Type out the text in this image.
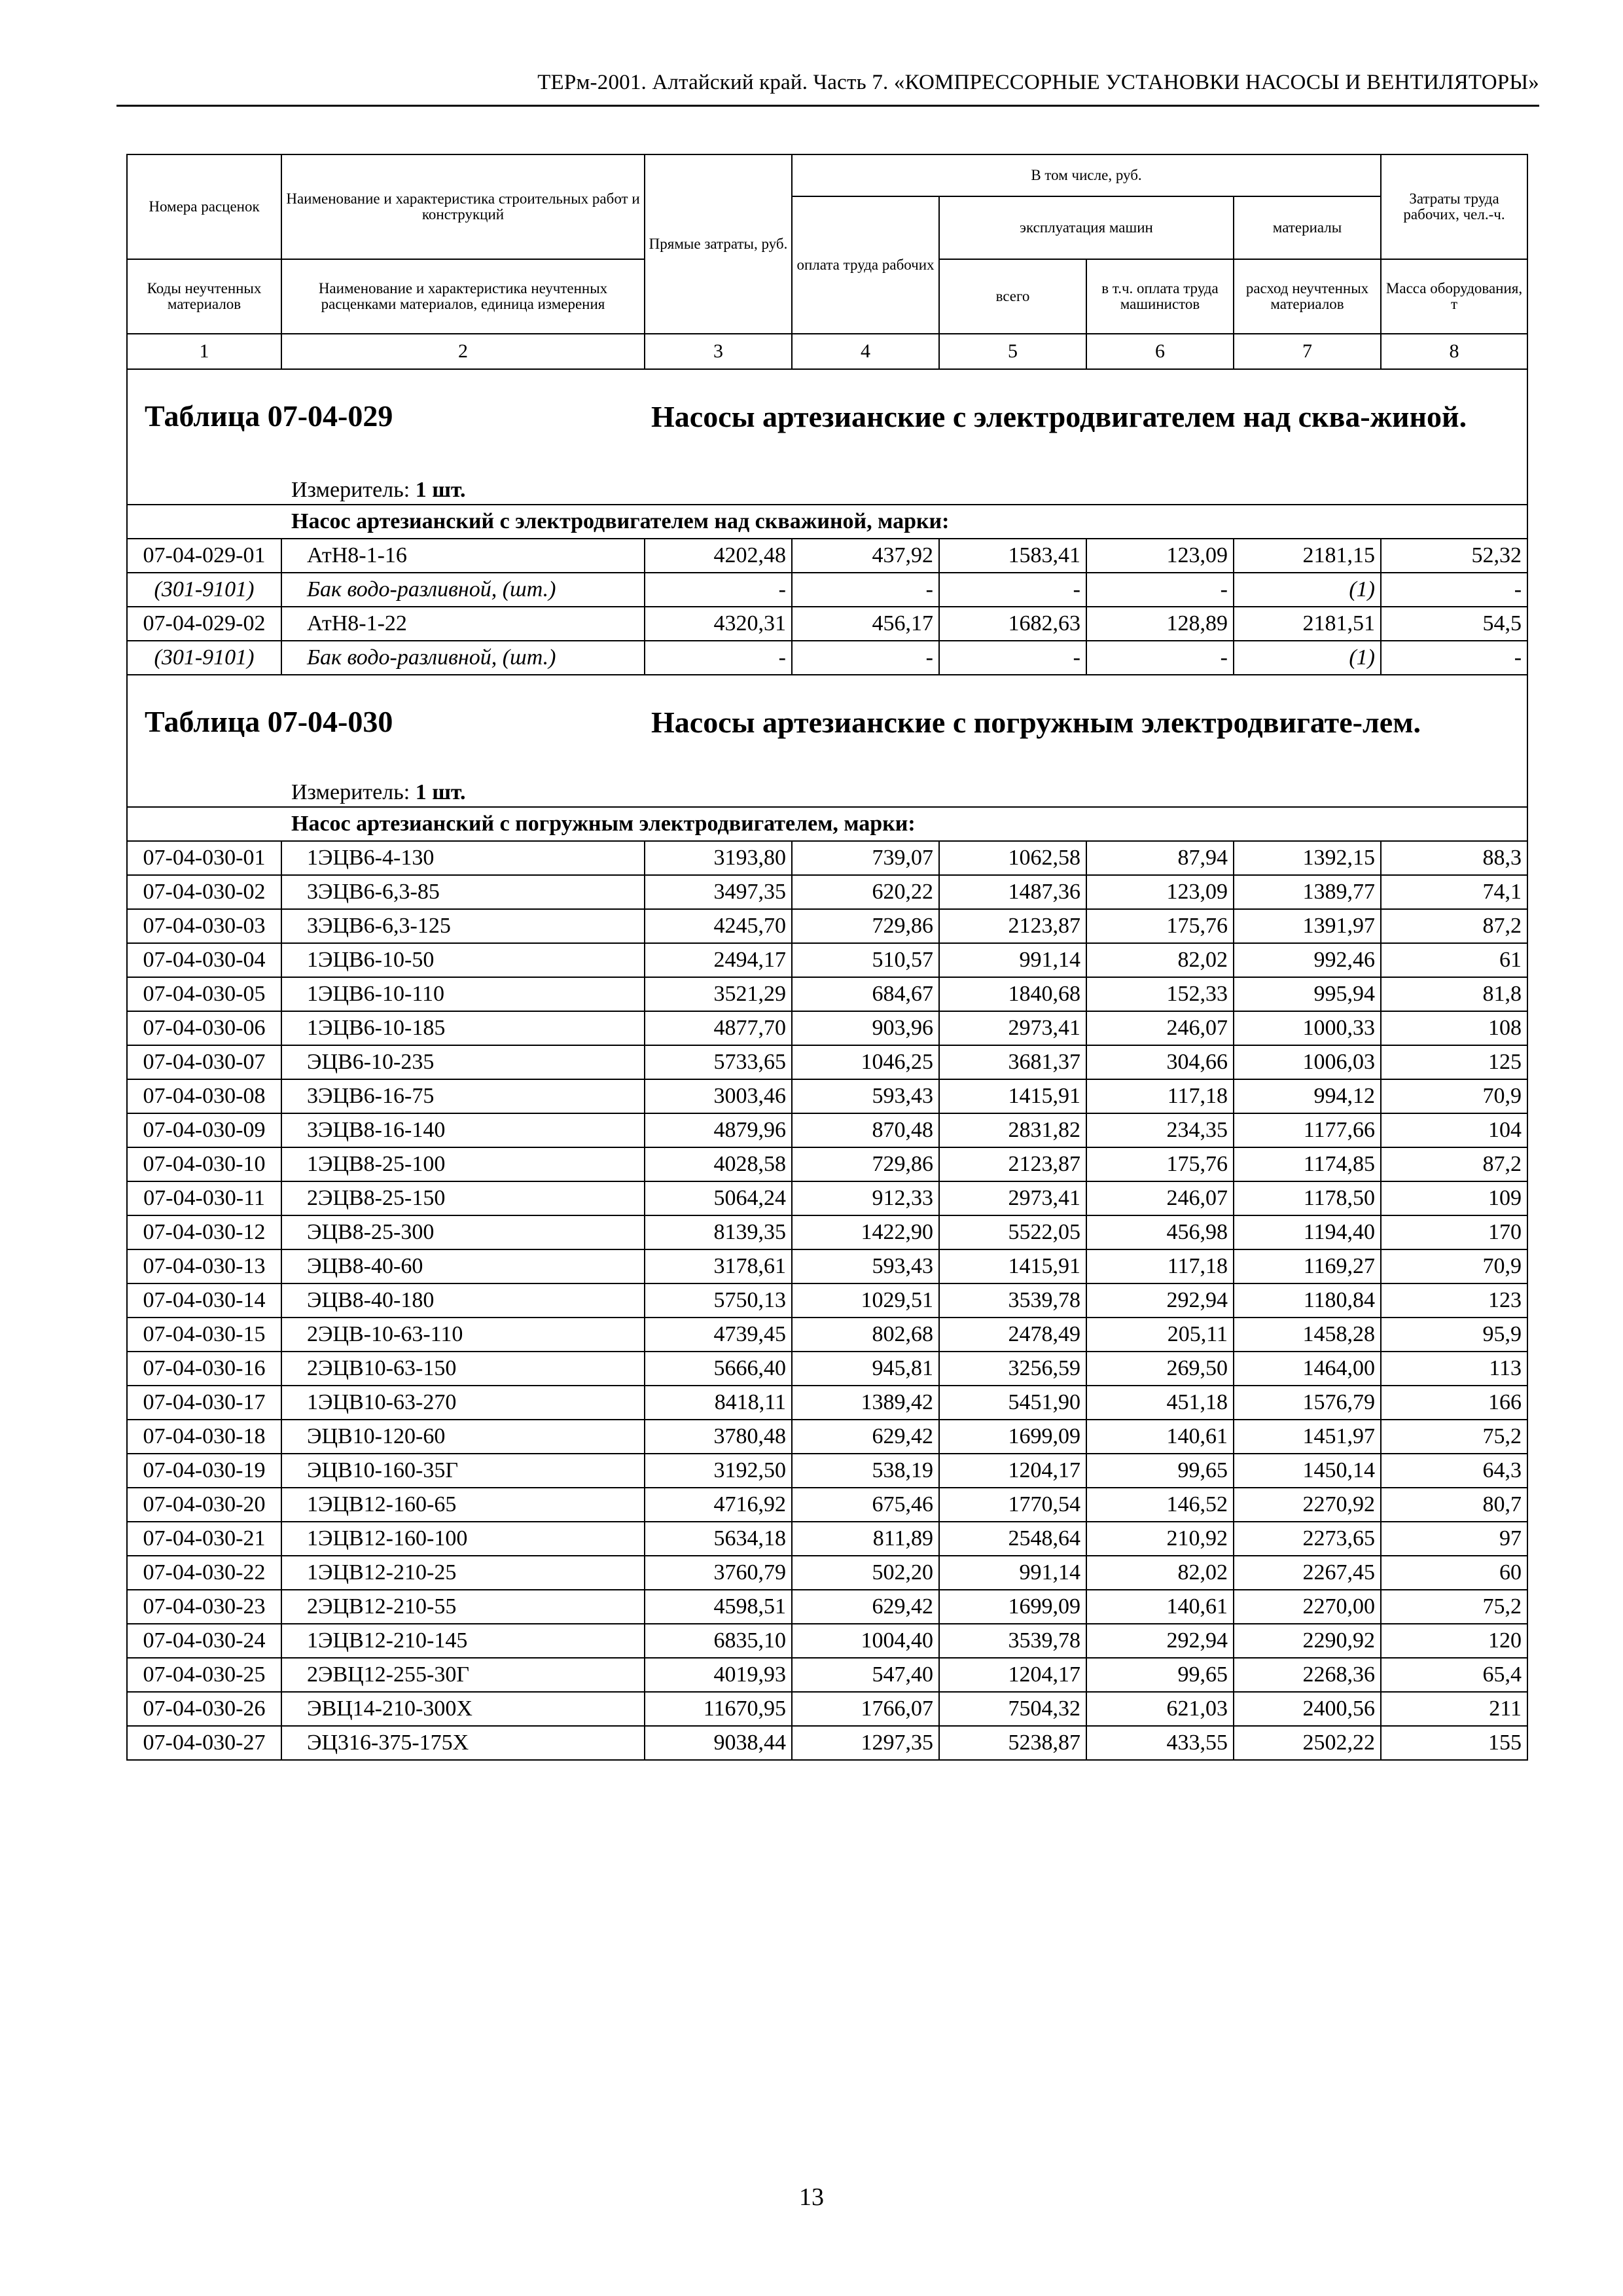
ТЕРм-2001. Алтайский край. Часть 7. «КОМПРЕССОРНЫЕ УСТАНОВКИ НАСОСЫ И ВЕНТИЛЯТОРЫ»
Номера расценок	Наименование и характеристика строительных работ и конструкций	Прямые затраты, руб.	В том числе, руб.				Затраты труда рабочих, чел.-ч.
			оплата труда рабочих	эксплуатация машин		материалы	
Коды неучтенных материалов	Наименование и характеристика неучтенных расценками материалов, единица измерения			всего	в т.ч. оплата труда машинистов	расход неучтенных материалов	Масса оборудования, т
1	2	3	4	5	6	7	8

Таблица 07-04-029 Насосы артезианские с электродвигателем над сква-жиной.
Измеритель: 1 шт.							

Насос артезианский с электродвигателем над скважиной, марки:							
07-04-029-01	АтН8-1-16	4202,48	437,92	1583,41	123,09	2181,15	52,32
(301-9101)	Бак водо-разливной, (шт.)	-	-	-	-	(1)	-
07-04-029-02	АтН8-1-22	4320,31	456,17	1682,63	128,89	2181,51	54,5
(301-9101)	Бак водо-разливной, (шт.)	-	-	-	-	(1)	-

Таблица 07-04-030 Насосы артезианские с погружным электродвигате-лем.
Измеритель: 1 шт.							

Насос артезианский с погружным электродвигателем, марки:							
07-04-030-01	1ЭЦВ6-4-130	3193,80	739,07	1062,58	87,94	1392,15	88,3
07-04-030-02	3ЭЦВ6-6,3-85	3497,35	620,22	1487,36	123,09	1389,77	74,1
07-04-030-03	3ЭЦВ6-6,3-125	4245,70	729,86	2123,87	175,76	1391,97	87,2
07-04-030-04	1ЭЦВ6-10-50	2494,17	510,57	991,14	82,02	992,46	61
07-04-030-05	1ЭЦВ6-10-110	3521,29	684,67	1840,68	152,33	995,94	81,8
07-04-030-06	1ЭЦВ6-10-185	4877,70	903,96	2973,41	246,07	1000,33	108
07-04-030-07	ЭЦВ6-10-235	5733,65	1046,25	3681,37	304,66	1006,03	125
07-04-030-08	3ЭЦВ6-16-75	3003,46	593,43	1415,91	117,18	994,12	70,9
07-04-030-09	3ЭЦВ8-16-140	4879,96	870,48	2831,82	234,35	1177,66	104
07-04-030-10	1ЭЦВ8-25-100	4028,58	729,86	2123,87	175,76	1174,85	87,2
07-04-030-11	2ЭЦВ8-25-150	5064,24	912,33	2973,41	246,07	1178,50	109
07-04-030-12	ЭЦВ8-25-300	8139,35	1422,90	5522,05	456,98	1194,40	170
07-04-030-13	ЭЦВ8-40-60	3178,61	593,43	1415,91	117,18	1169,27	70,9
07-04-030-14	ЭЦВ8-40-180	5750,13	1029,51	3539,78	292,94	1180,84	123
07-04-030-15	2ЭЦВ-10-63-110	4739,45	802,68	2478,49	205,11	1458,28	95,9
07-04-030-16	2ЭЦВ10-63-150	5666,40	945,81	3256,59	269,50	1464,00	113
07-04-030-17	1ЭЦВ10-63-270	8418,11	1389,42	5451,90	451,18	1576,79	166
07-04-030-18	ЭЦВ10-120-60	3780,48	629,42	1699,09	140,61	1451,97	75,2
07-04-030-19	ЭЦВ10-160-35Г	3192,50	538,19	1204,17	99,65	1450,14	64,3
07-04-030-20	1ЭЦВ12-160-65	4716,92	675,46	1770,54	146,52	2270,92	80,7
07-04-030-21	1ЭЦВ12-160-100	5634,18	811,89	2548,64	210,92	2273,65	97
07-04-030-22	1ЭЦВ12-210-25	3760,79	502,20	991,14	82,02	2267,45	60
07-04-030-23	2ЭЦВ12-210-55	4598,51	629,42	1699,09	140,61	2270,00	75,2
07-04-030-24	1ЭЦВ12-210-145	6835,10	1004,40	3539,78	292,94	2290,92	120
07-04-030-25	2ЭВЦ12-255-30Г	4019,93	547,40	1204,17	99,65	2268,36	65,4
07-04-030-26	ЭВЦ14-210-300Х	11670,95	1766,07	7504,32	621,03	2400,56	211
07-04-030-27	ЭЦ316-375-175Х	9038,44	1297,35	5238,87	433,55	2502,22	155
13
